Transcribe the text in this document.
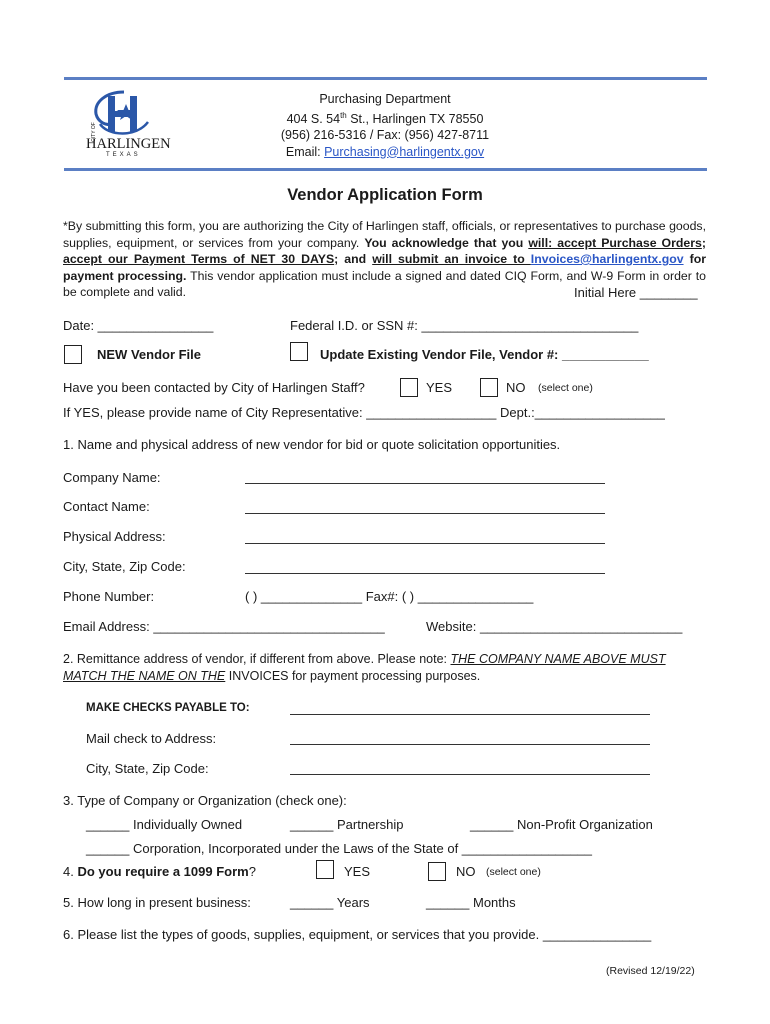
CITY OF
HARLINGEN
TEXAS
Purchasing Department
404 S. 54th St., Harlingen TX 78550
(956) 216-5316 / Fax: (956) 427-8711
Email: Purchasing@harlingentx.gov
Vendor Application Form
*By submitting this form, you are authorizing the City of Harlingen staff, officials, or representatives to purchase goods, supplies, equipment, or services from your company. You acknowledge that you will: accept Purchase Orders; accept our Payment Terms of NET 30 DAYS; and will submit an invoice to Invoices@harlingentx.gov for payment processing. This vendor application must include a signed and dated CIQ Form, and W-9 Form in order to be complete and valid.	Initial Here ________
Date: ________________	Federal I.D. or SSN #: ______________________________
NEW Vendor File	Update Existing Vendor File, Vendor #: ____________
Have you been contacted by City of Harlingen Staff?	YES	NO (select one)
If YES, please provide name of City Representative: __________________ Dept.:__________________
1. Name and physical address of new vendor for bid or quote solicitation opportunities.
Company Name:
Contact Name:
Physical Address:
City, State, Zip Code:
Phone Number:	( ) ______________ Fax#: ( ) ________________
Email Address: ________________________________	Website: ____________________________
2. Remittance address of vendor, if different from above. Please note: THE COMPANY NAME ABOVE MUST MATCH THE NAME ON THE INVOICES for payment processing purposes.
MAKE CHECKS PAYABLE TO:
Mail check to Address:
City, State, Zip Code:
3. Type of Company or Organization (check one):
______ Individually Owned	______ Partnership	______ Non-Profit Organization
______ Corporation, Incorporated under the Laws of the State of __________________
4. Do you require a 1099 Form?	YES	NO (select one)
5. How long in present business:	______ Years	______ Months
6. Please list the types of goods, supplies, equipment, or services that you provide. _______________
(Revised 12/19/22)
